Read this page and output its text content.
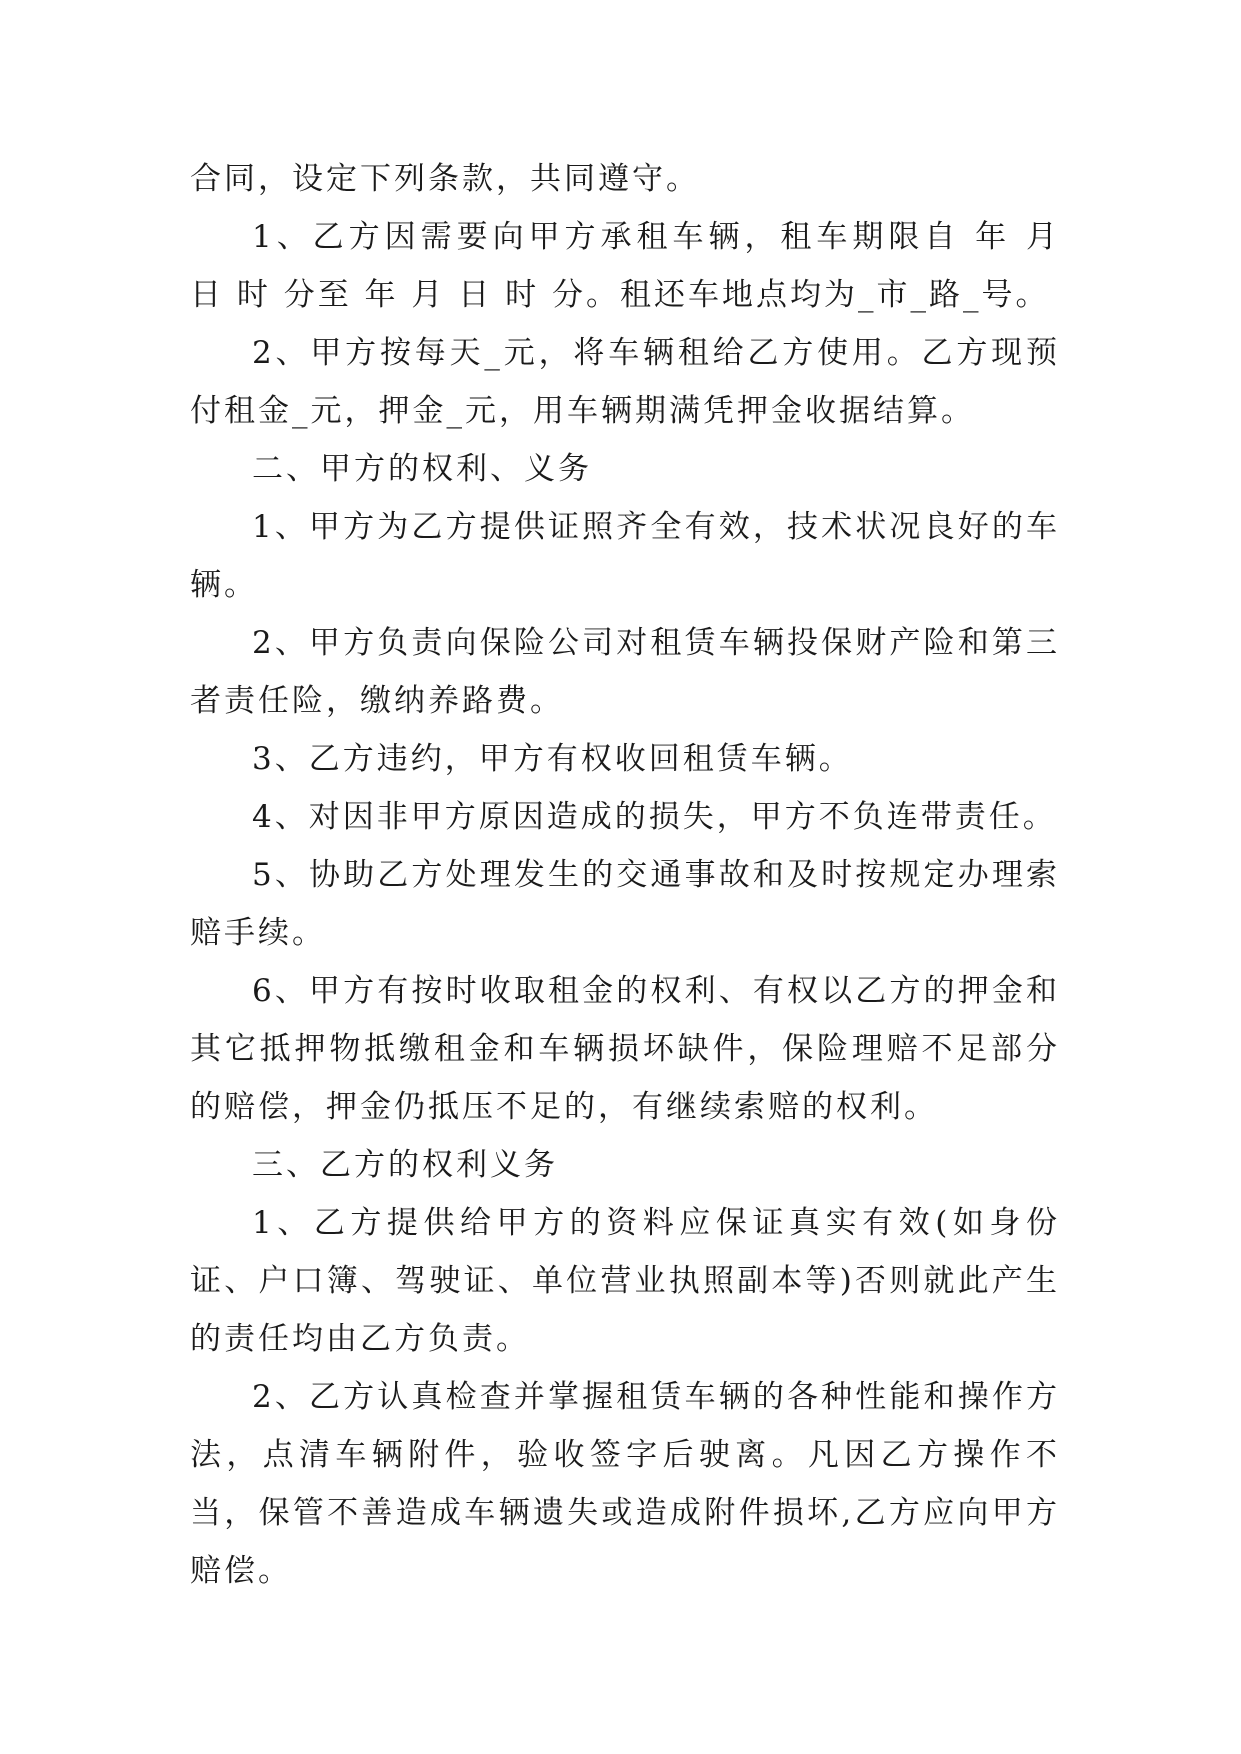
合同，设定下列条款，共同遵守。

1、乙方因需要向甲方承租车辆，租车期限自 年 月 日 时 分至 年 月 日 时 分。租还车地点均为_市_路_号。

2、甲方按每天_元，将车辆租给乙方使用。乙方现预付租金_元，押金_元，用车辆期满凭押金收据结算。

二、甲方的权利、义务

1、甲方为乙方提供证照齐全有效，技术状况良好的车辆。

2、甲方负责向保险公司对租赁车辆投保财产险和第三者责任险，缴纳养路费。

3、乙方违约，甲方有权收回租赁车辆。

4、对因非甲方原因造成的损失，甲方不负连带责任。

5、协助乙方处理发生的交通事故和及时按规定办理索赔手续。

6、甲方有按时收取租金的权利、有权以乙方的押金和其它抵押物抵缴租金和车辆损坏缺件，保险理赔不足部分的赔偿，押金仍抵压不足的，有继续索赔的权利。

三、乙方的权利义务

1、乙方提供给甲方的资料应保证真实有效(如身份证、户口簿、驾驶证、单位营业执照副本等)否则就此产生的责任均由乙方负责。

2、乙方认真检查并掌握租赁车辆的各种性能和操作方法，点清车辆附件，验收签字后驶离。凡因乙方操作不当，保管不善造成车辆遗失或造成附件损坏,乙方应向甲方赔偿。
